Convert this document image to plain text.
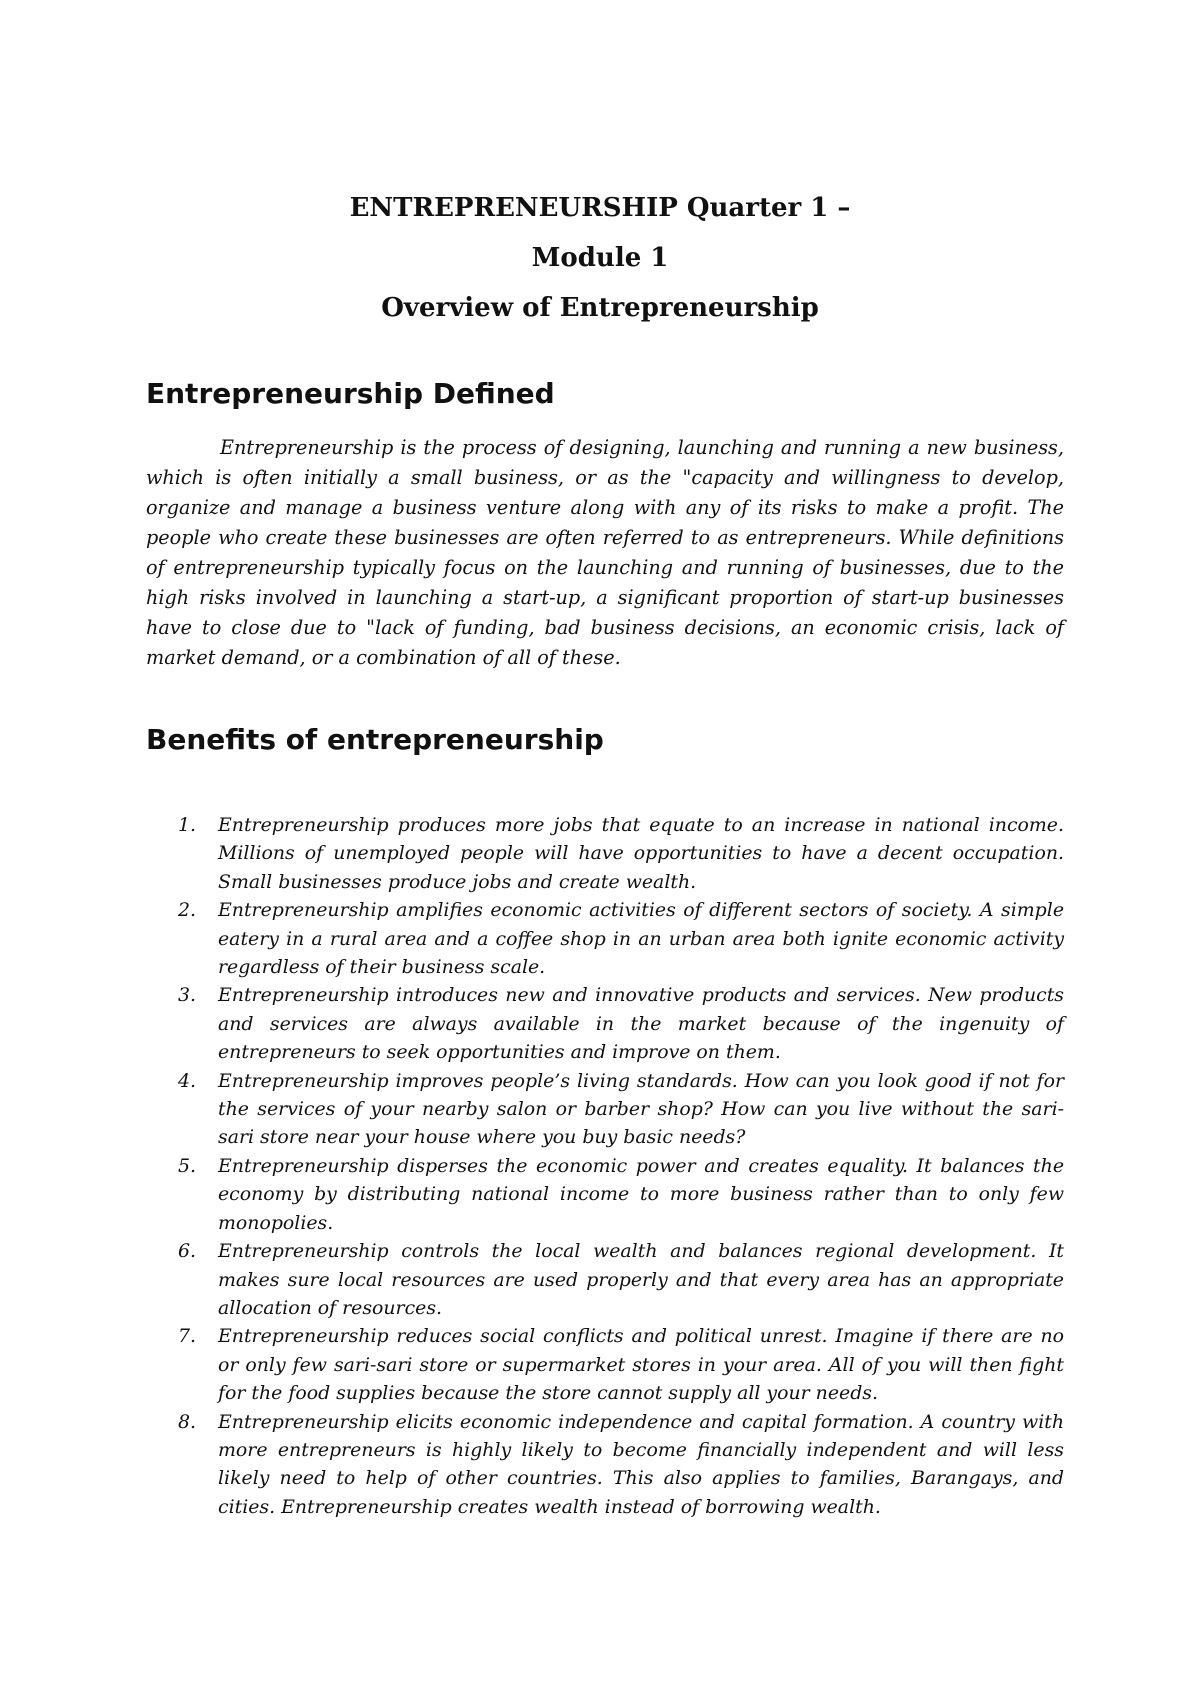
ENTREPRENEURSHIP Quarter 1 –
Module 1
Overview of Entrepreneurship
Entrepreneurship Defined

Entrepreneurship is the process of designing, launching and running a new business, which is often initially a small business, or as the "capacity and willingness to develop, organize and manage a business venture along with any of its risks to make a profit. The people who create these businesses are often referred to as entrepreneurs. While definitions of entrepreneurship typically focus on the launching and running of businesses, due to the high risks involved in launching a start-up, a significant proportion of start-up businesses have to close due to "lack of funding, bad business decisions, an economic crisis, lack of market demand, or a combination of all of these.

Benefits of entrepreneurship
1. Entrepreneurship produces more jobs that equate to an increase in national income. Millions of unemployed people will have opportunities to have a decent occupation. Small businesses produce jobs and create wealth.
2. Entrepreneurship amplifies economic activities of different sectors of society. A simple eatery in a rural area and a coffee shop in an urban area both ignite economic activity regardless of their business scale.
3. Entrepreneurship introduces new and innovative products and services. New products and services are always available in the market because of the ingenuity of entrepreneurs to seek opportunities and improve on them.
4. Entrepreneurship improves people’s living standards. How can you look good if not for the services of your nearby salon or barber shop? How can you live without the sari-sari store near your house where you buy basic needs?
5. Entrepreneurship disperses the economic power and creates equality. It balances the economy by distributing national income to more business rather than to only few monopolies.
6. Entrepreneurship controls the local wealth and balances regional development. It makes sure local resources are used properly and that every area has an appropriate allocation of resources.
7. Entrepreneurship reduces social conflicts and political unrest. Imagine if there are no or only few sari-sari store or supermarket stores in your area. All of you will then fight for the food supplies because the store cannot supply all your needs.
8. Entrepreneurship elicits economic independence and capital formation. A country with more entrepreneurs is highly likely to become financially independent and will less likely need to help of other countries. This also applies to families, Barangays, and cities. Entrepreneurship creates wealth instead of borrowing wealth.
